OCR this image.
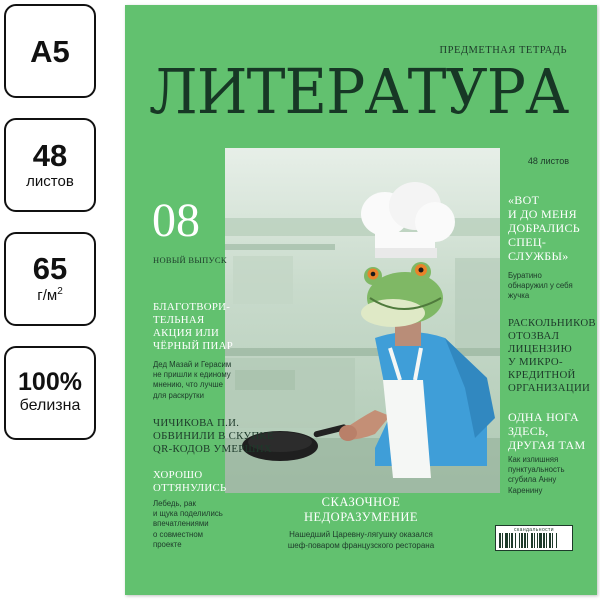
А5
48
листов
65
$г/м^2$
100%
белизна
ПРЕДМЕТНАЯ ТЕТРАДЬ
ЛИТЕРАТУРА
48 листов
08
НОВЫЙ ВЫПУСК
БЛАГОТВОРИ-
ТЕЛЬНАЯ
АКЦИЯ ИЛИ
ЧЁРНЫЙ ПИАР
Дед Мазай и Герасим
не пришли к единому
мнению, что лучше
для раскрутки
ЧИЧИКОВА П.И.
ОБВИНИЛИ В СКУПКЕ
QR-КОДОВ УМЕРШИХ
ХОРОШО
ОТТЯНУЛИСЬ
Лебедь, рак
и щука поделились
впечатлениями
о совместном
проекте
«ВОТ
И ДО МЕНЯ
ДОБРАЛИСЬ
СПЕЦ-
СЛУЖБЫ»
Буратино
обнаружил у себя
жучка
РАСКОЛЬНИКОВ
ОТОЗВАЛ
ЛИЦЕНЗИЮ
У МИКРО-
КРЕДИТНОЙ
ОРГАНИЗАЦИИ
ОДНА НОГА
ЗДЕСЬ,
ДРУГАЯ ТАМ
Как излишняя
пунктуальность
сгубила Анну
Каренину
СКАЗОЧНОЕ
НЕДОРАЗУМЕНИЕ
Нашедший Царевну-лягушку оказался
шеф-поваром французского ресторана
скандальности
